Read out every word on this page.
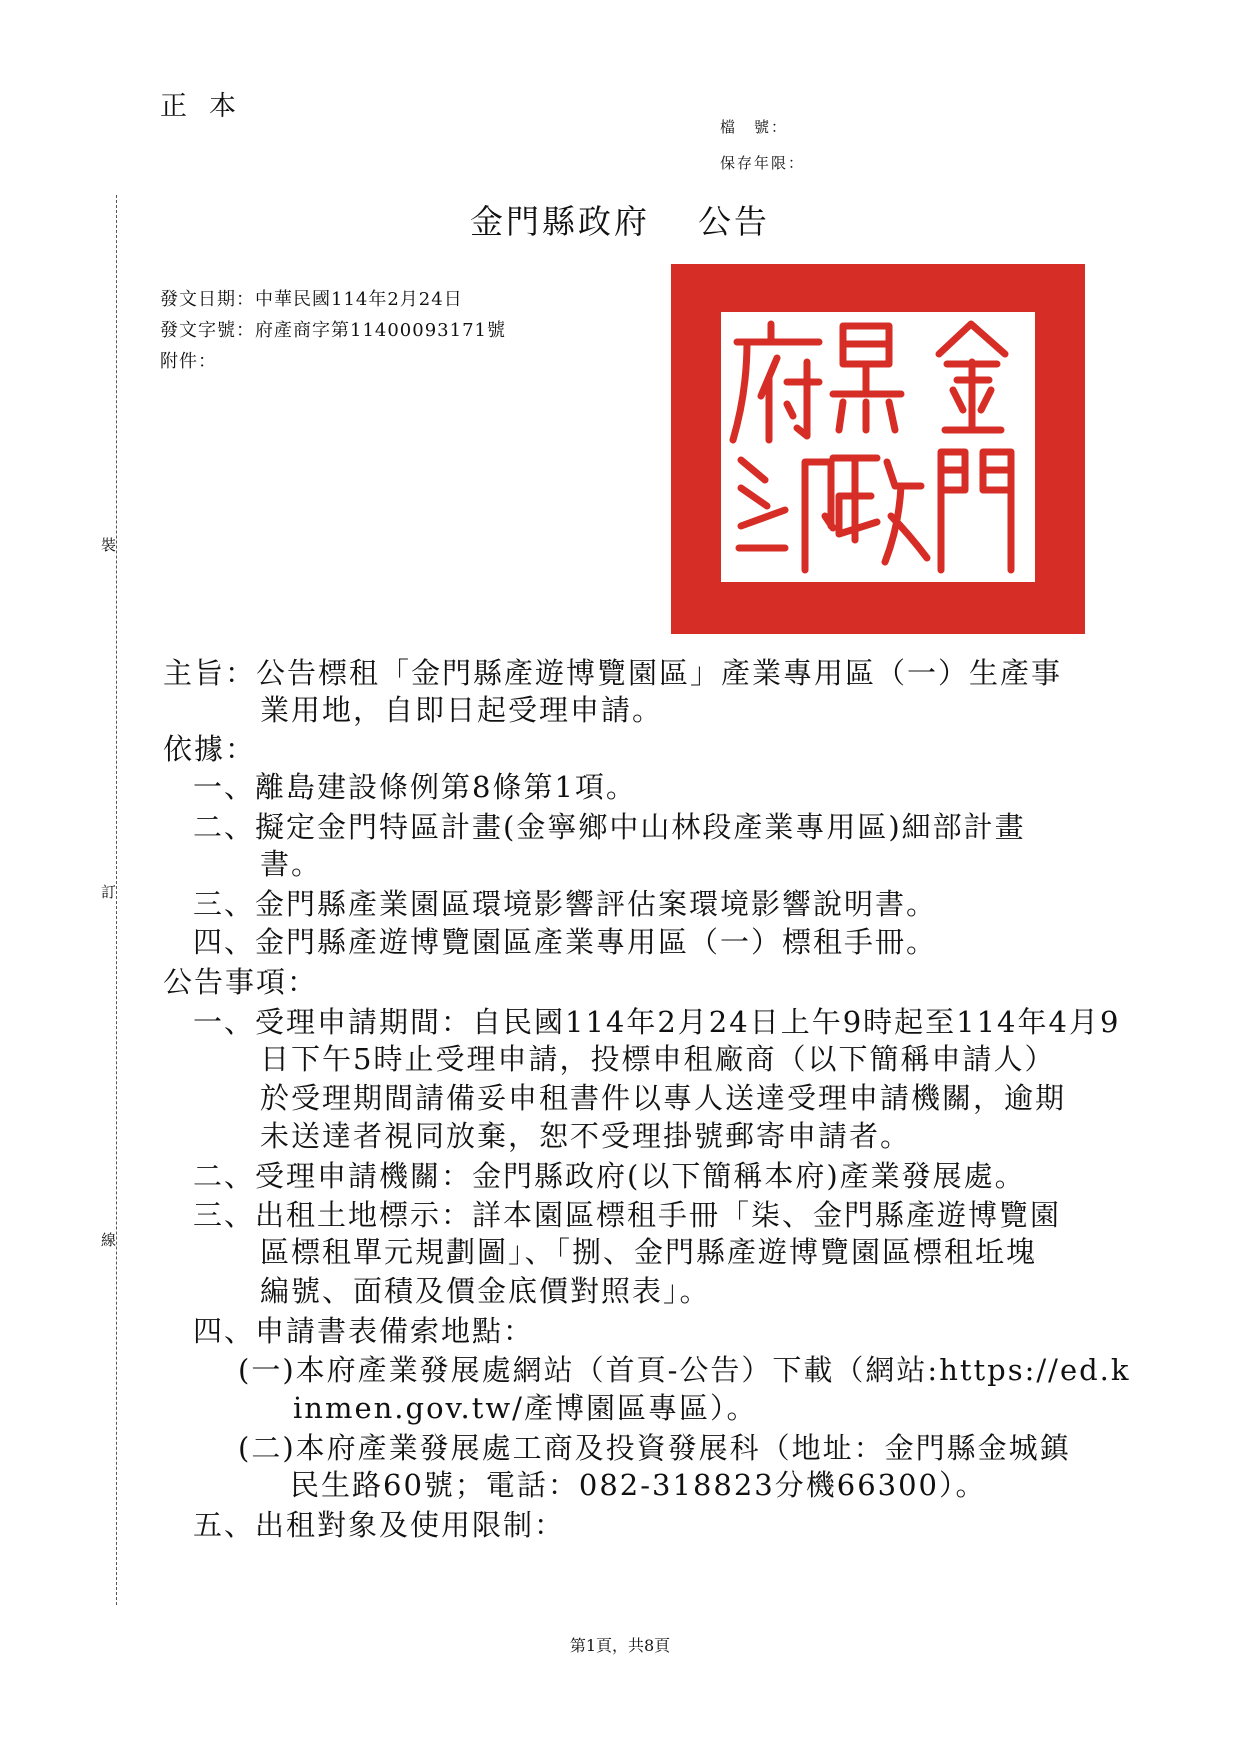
正本
檔　號：
保存年限：
裝
訂
線
金門縣政府 公告
發文日期：中華民國114年2月24日
發文字號：府產商字第11400093171號
附件：
主旨：公告標租「金門縣產遊博覽園區」產業專用區（一）生產事
業用地，自即日起受理申請。
依據：
一、離島建設條例第8條第1項。
二、擬定金門特區計畫(金寧鄉中山林段產業專用區)細部計畫
書。
三、金門縣產業園區環境影響評估案環境影響說明書。
四、金門縣產遊博覽園區產業專用區（一）標租手冊。
公告事項：
一、受理申請期間：自民國114年2月24日上午9時起至114年4月9
日下午5時止受理申請，投標申租廠商（以下簡稱申請人）
於受理期間請備妥申租書件以專人送達受理申請機關，逾期
未送達者視同放棄，恕不受理掛號郵寄申請者。
二、受理申請機關：金門縣政府(以下簡稱本府)產業發展處。
三、出租土地標示：詳本園區標租手冊「柒、金門縣產遊博覽園
區標租單元規劃圖」、「捌、金門縣產遊博覽園區標租坵塊
編號、面積及價金底價對照表」。
四、申請書表備索地點：
(一)本府產業發展處網站（首頁-公告）下載（網站:https://ed.k
inmen.gov.tw/產博園區專區）。
(二)本府產業發展處工商及投資發展科（地址：金門縣金城鎮
民生路60號；電話：082-318823分機66300）。
五、出租對象及使用限制：
第1頁，共8頁
